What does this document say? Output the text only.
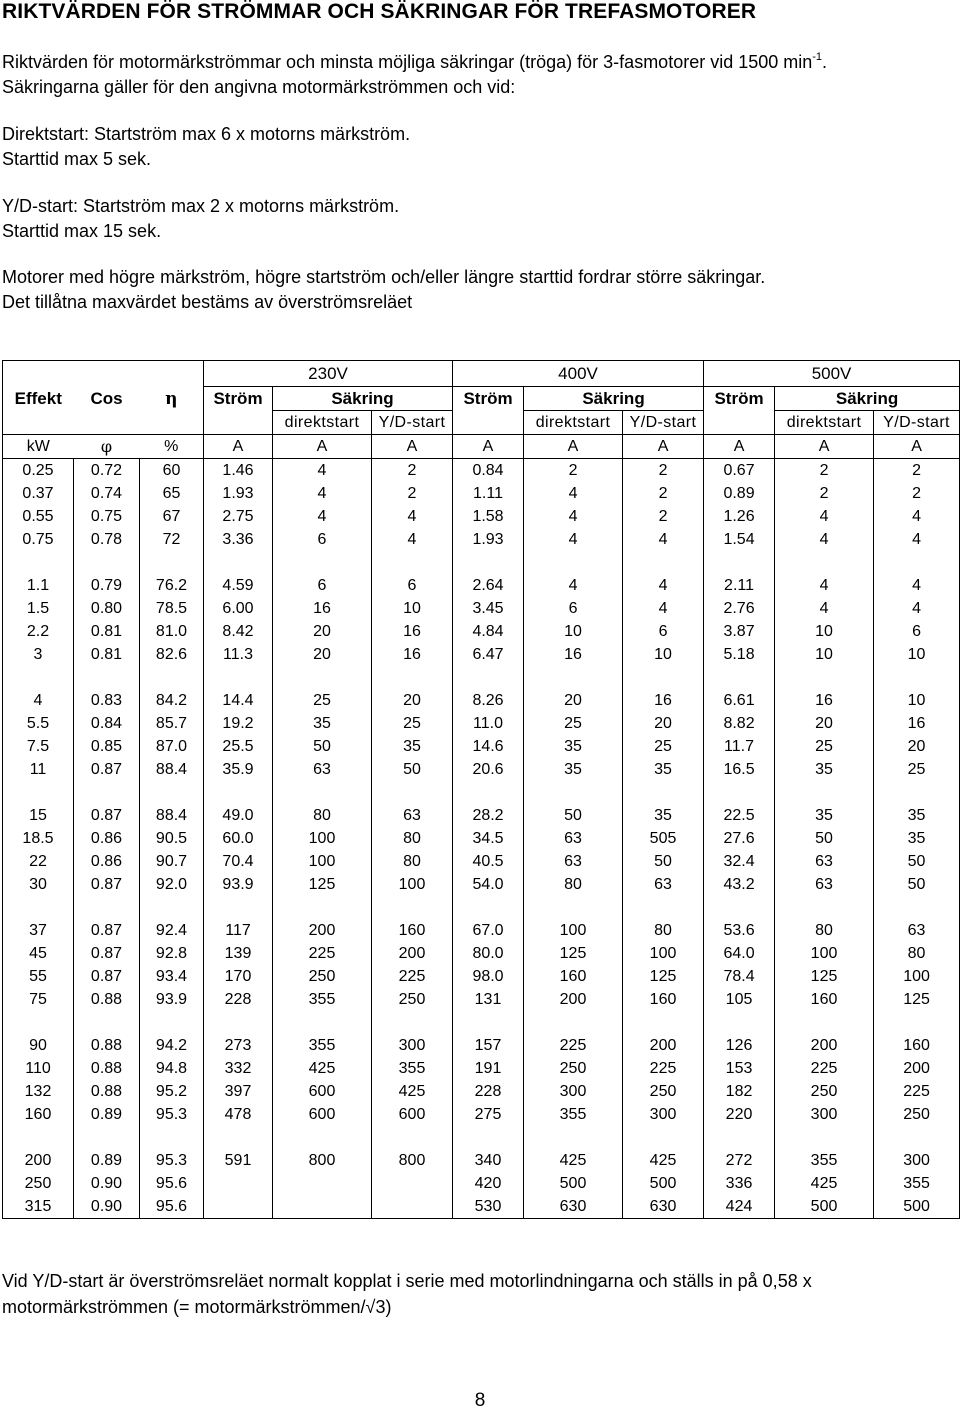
RIKTVÄRDEN FÖR STRÖMMAR OCH SÄKRINGAR FÖR TREFASMOTORER
Riktvärden för motormärkströmmar och minsta möjliga säkringar (tröga) för 3-fasmotorer vid 1500 $\min^{-1}$.
Säkringarna gäller för den angivna motormärkströmmen och vid:
Direktstart: Startström max 6 x motorns märkström.
Starttid max 5 sek.
Y/D-start: Startström max 2 x motorns märkström.
Starttid max 15 sek.
Motorer med högre märkström, högre startström och/eller längre starttid fordrar större säkringar.
Det tillåtna maxvärdet bestäms av överströmsreläet
			230V			400V			500V		
Effekt	Cos	η	Ström	Säkring		Ström	Säkring		Ström	Säkring	
				direktstart	Y/D-start		direktstart	Y/D-start		direktstart	Y/D-start
kW	φ	%	A	A	A	A	A	A	A	A	A
0.25	0.72	60	1.46	4	2	0.84	2	2	0.67	2	2
0.37	0.74	65	1.93	4	2	1.11	4	2	0.89	2	2
0.55	0.75	67	2.75	4	4	1.58	4	2	1.26	4	4
0.75	0.78	72	3.36	6	4	1.93	4	4	1.54	4	4

1.1	0.79	76.2	4.59	6	6	2.64	4	4	2.11	4	4
1.5	0.80	78.5	6.00	16	10	3.45	6	4	2.76	4	4
2.2	0.81	81.0	8.42	20	16	4.84	10	6	3.87	10	6
3	0.81	82.6	11.3	20	16	6.47	16	10	5.18	10	10

4	0.83	84.2	14.4	25	20	8.26	20	16	6.61	16	10
5.5	0.84	85.7	19.2	35	25	11.0	25	20	8.82	20	16
7.5	0.85	87.0	25.5	50	35	14.6	35	25	11.7	25	20
11	0.87	88.4	35.9	63	50	20.6	35	35	16.5	35	25

15	0.87	88.4	49.0	80	63	28.2	50	35	22.5	35	35
18.5	0.86	90.5	60.0	100	80	34.5	63	505	27.6	50	35
22	0.86	90.7	70.4	100	80	40.5	63	50	32.4	63	50
30	0.87	92.0	93.9	125	100	54.0	80	63	43.2	63	50

37	0.87	92.4	117	200	160	67.0	100	80	53.6	80	63
45	0.87	92.8	139	225	200	80.0	125	100	64.0	100	80
55	0.87	93.4	170	250	225	98.0	160	125	78.4	125	100
75	0.88	93.9	228	355	250	131	200	160	105	160	125

90	0.88	94.2	273	355	300	157	225	200	126	200	160
110	0.88	94.8	332	425	355	191	250	225	153	225	200
132	0.88	95.2	397	600	425	228	300	250	182	250	225
160	0.89	95.3	478	600	600	275	355	300	220	300	250

200	0.89	95.3	591	800	800	340	425	425	272	355	300
250	0.90	95.6				420	500	500	336	425	355
315	0.90	95.6				530	630	630	424	500	500
Vid Y/D-start är överströmsreläet normalt kopplat i serie med motorlindningarna och ställs in på 0,58 x
motormärkströmmen (= motormärkströmmen/√3)
8
